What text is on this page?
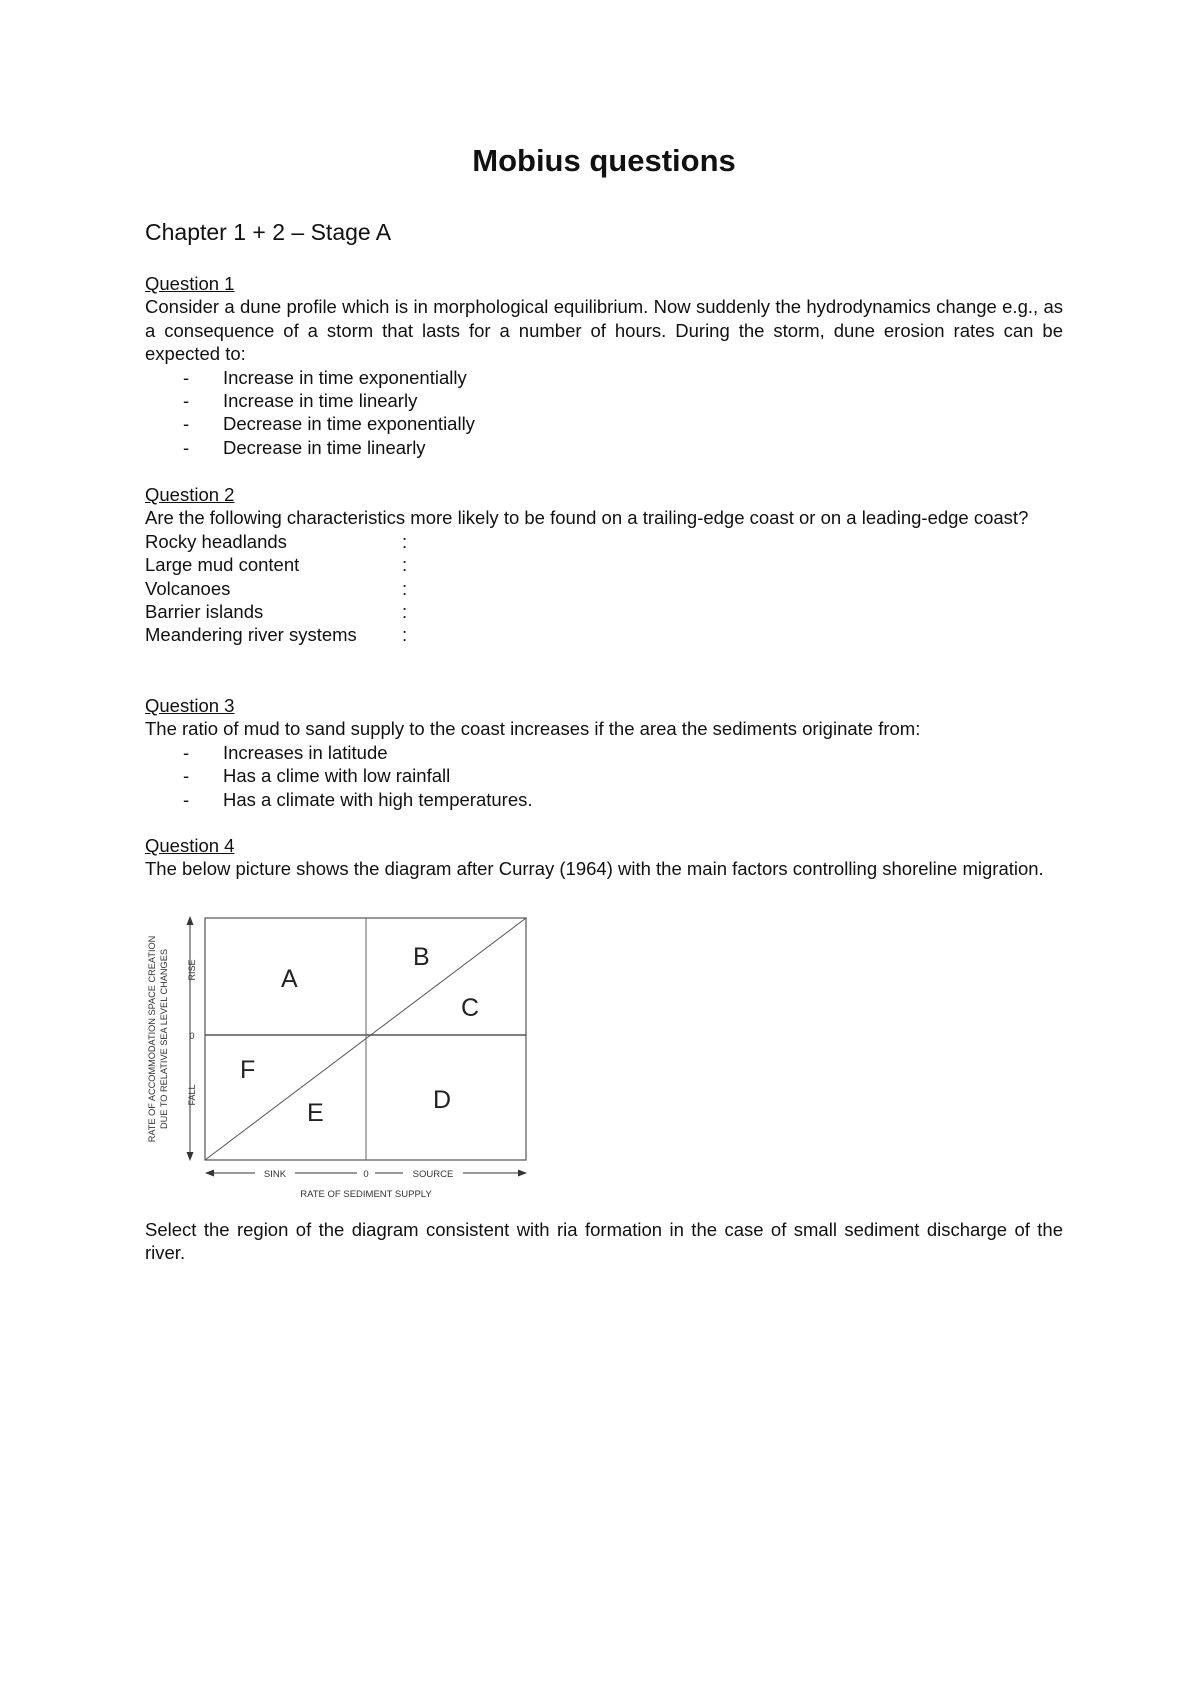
Mobius questions
Chapter 1 + 2 – Stage A
Question 1
Consider a dune profile which is in morphological equilibrium. Now suddenly the hydrodynamics change e.g., as a consequence of a storm that lasts for a number of hours. During the storm, dune erosion rates can be expected to:
-	Increase in time exponentially
-	Increase in time linearly
-	Decrease in time exponentially
-	Decrease in time linearly
Question 2
Are the following characteristics more likely to be found on a trailing-edge coast or on a leading-edge coast?
Rocky headlands	:
Large mud content	:
Volcanoes	:
Barrier islands	:
Meandering river systems	:
Question 3
The ratio of mud to sand supply to the coast increases if the area the sediments originate from:
-	Increases in latitude
-	Has a clime with low rainfall
-	Has a climate with high temperatures.
Question 4
The below picture shows the diagram after Curray (1964) with the main factors controlling shoreline migration.
A
B
C
D
E
F
RATE OF ACCOMMODATION SPACE CREATION DUE TO RELATIVE SEA LEVEL CHANGES RISE
FALL
0
SINK	0	SOURCE
RATE OF SEDIMENT SUPPLY
Select the region of the diagram consistent with ria formation in the case of small sediment discharge of the river.
